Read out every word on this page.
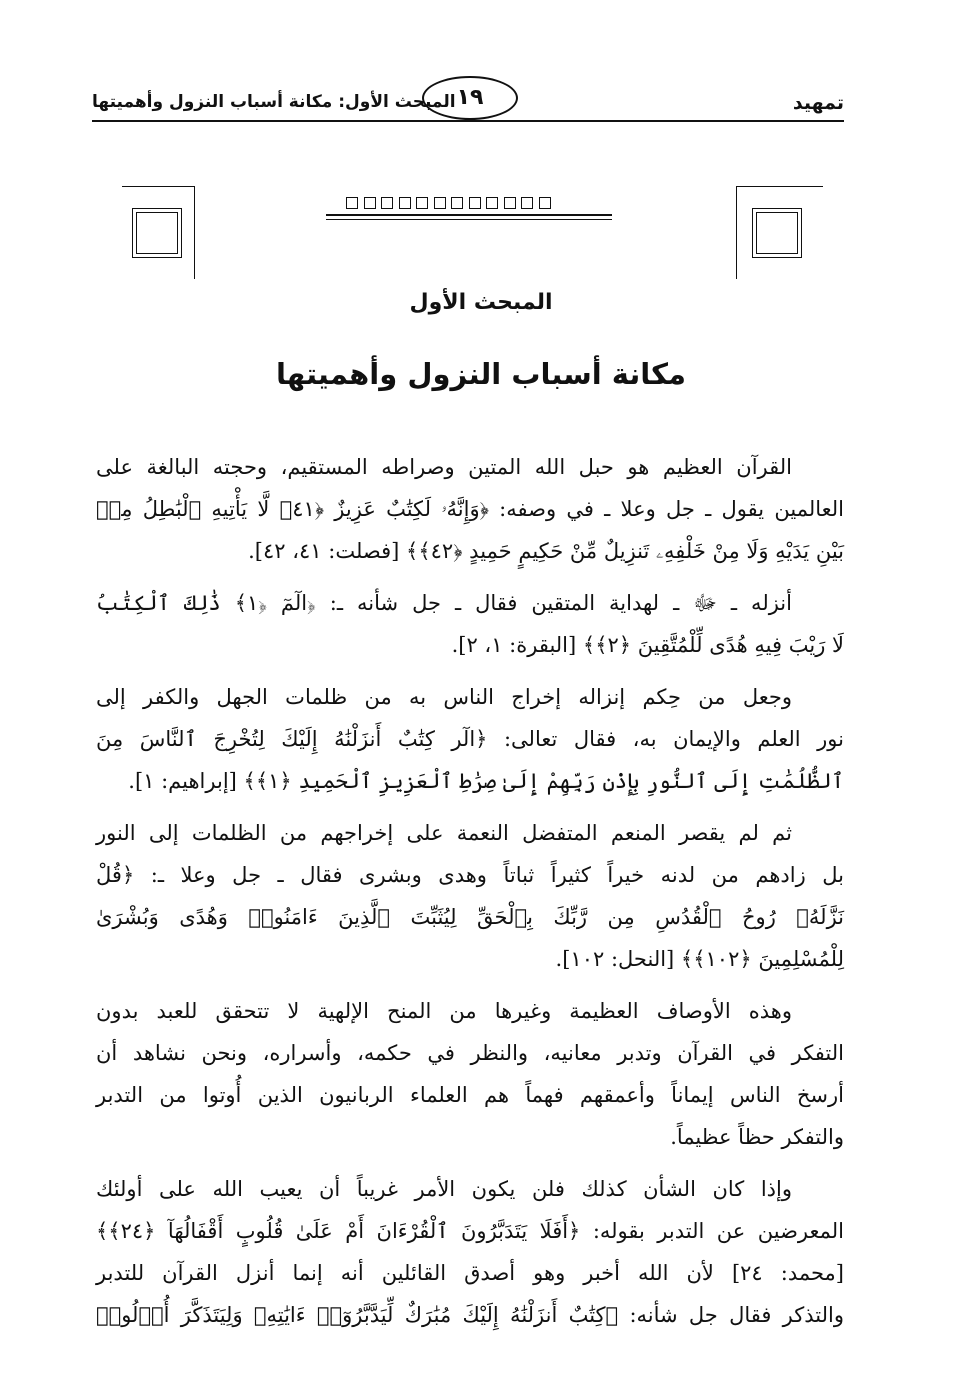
تمهيد
١٩
المبحث الأول: مكانة أسباب النزول وأهميتها
المبحث الأول
مكانة أسباب النزول وأهميتها
القرآن العظيم هو حبل الله المتين وصراطه المستقيم، وحجته البالغة على
العالمين يقول ـ جل وعلا ـ في وصفه: ﴿وَإِنَّهُۥ لَكِتَٰبٌ عَزِيزٌ ﴿٤١﴾ لَّا يَأْتِيهِ ٱلْبَٰطِلُ مِنۢ
بَيْنِ يَدَيْهِ وَلَا مِنْ خَلْفِهِۦ تَنزِيلٌ مِّنْ حَكِيمٍ حَمِيدٍ ﴿٤٢﴾﴾ [فصلت: ٤١، ٤٢].
أنزله ـ ﷻ ـ لهداية المتقين فقال ـ جل شأنه ـ: ﴿الٓمٓ ﴿١﴾ ذَٰلِكَ ٱلْكِتَٰبُ
لَا رَيْبَ فِيهِ هُدًى لِّلْمُتَّقِينَ ﴿٢﴾﴾ [البقرة: ١، ٢].
وجعل من حِكم إنزاله إخراج الناس به من ظلمات الجهل والكفر إلى
نور العلم والإيمان به، فقال تعالى: ﴿الٓر كِتَٰبٌ أَنزَلْنَٰهُ إِلَيْكَ لِتُخْرِجَ ٱلنَّاسَ مِنَ
ٱلظُّلُمَٰتِ إِلَى ٱلنُّورِ بِإِذْنِ رَبِّهِمْ إِلَىٰ صِرَٰطِ ٱلْعَزِيزِ ٱلْحَمِيدِ ﴿١﴾﴾ [إبراهيم: ١].
ثم لم يقصر المنعم المتفضل النعمة على إخراجهم من الظلمات إلى النور
بل زادهم من لدنه خيراً كثيراً ثباتاً وهدى وبشرى فقال ـ جل وعلا ـ: ﴿قُلْ
نَزَّلَهُۥ رُوحُ ٱلْقُدُسِ مِن رَّبِّكَ بِٱلْحَقِّ لِيُثَبِّتَ ٱلَّذِينَ ءَامَنُوا۟ وَهُدًى وَبُشْرَىٰ
لِلْمُسْلِمِينَ ﴿١٠٢﴾﴾ [النحل: ١٠٢].
وهذه الأوصاف العظيمة وغيرها من المنح الإلهية لا تتحقق للعبد بدون
التفكر في القرآن وتدبر معانيه، والنظر في حكمه، وأسراره، ونحن نشاهد أن
أرسخ الناس إيماناً وأعمقهم فهماً هم العلماء الربانيون الذين أُوتوا من التدبر
والتفكر حظاً عظيماً.
وإذا كان الشأن كذلك فلن يكون الأمر غريباً أن يعيب الله على أولئك
المعرضين عن التدبر بقوله: ﴿أَفَلَا يَتَدَبَّرُونَ ٱلْقُرْءَانَ أَمْ عَلَىٰ قُلُوبٍ أَقْفَالُهَآ ﴿٢٤﴾﴾
[محمد: ٢٤] لأن الله أخبر وهو أصدق القائلين أنه إنما أنزل القرآن للتدبر
والتذكر فقال جل شأنه: ﴿كِتَٰبٌ أَنزَلْنَٰهُ إِلَيْكَ مُبَٰرَكٌ لِّيَدَّبَّرُوٓا۟ ءَايَٰتِهِۦ وَلِيَتَذَكَّرَ أُو۟لُوا۟
